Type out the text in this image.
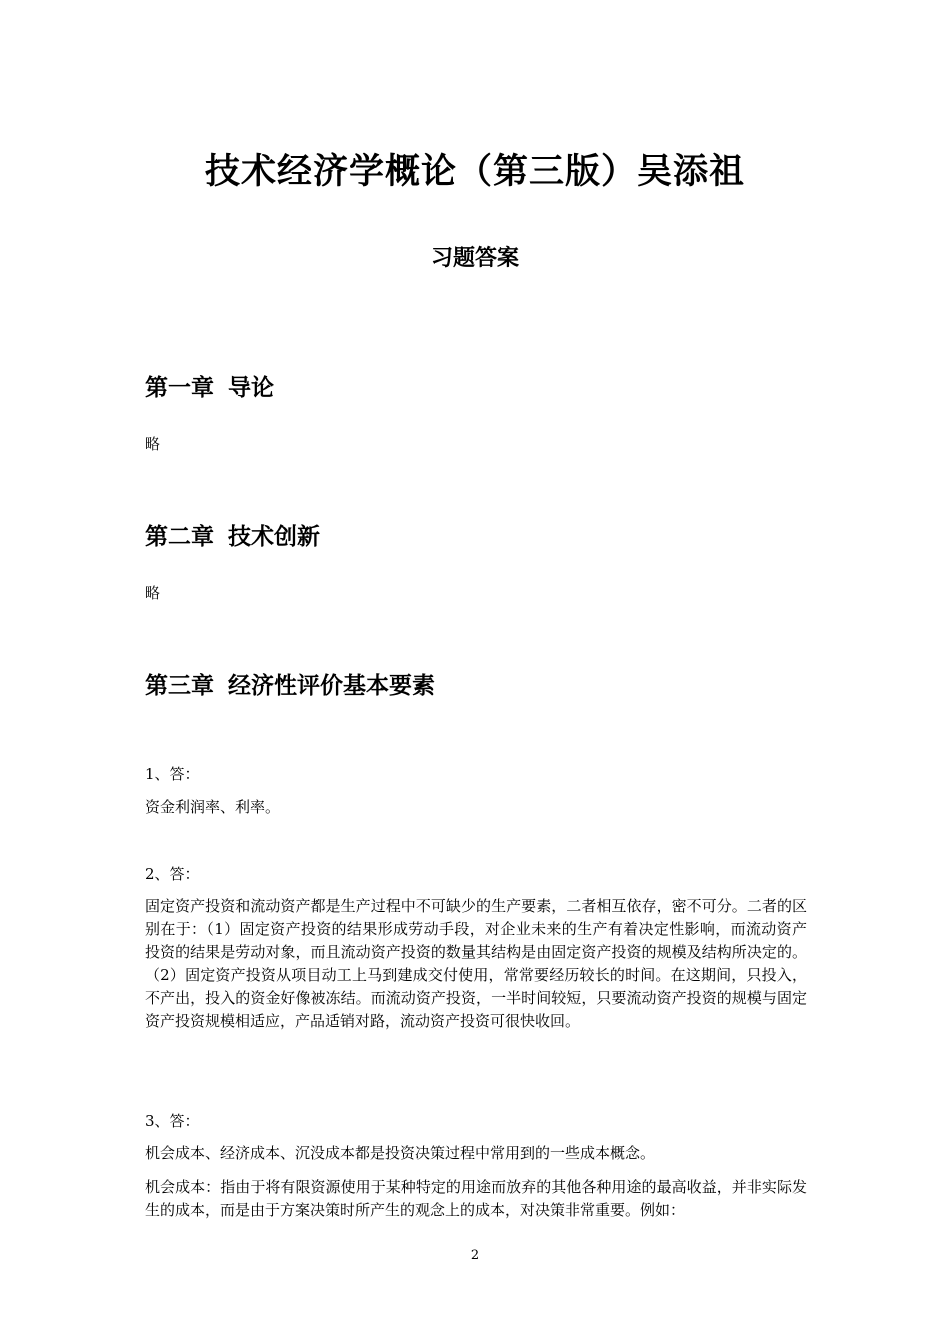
技术经济学概论（第三版）吴添祖
习题答案
第一章 导论
略
第二章 技术创新
略
第三章 经济性评价基本要素
1、答：
资金利润率、利率。
2、答：
固定资产投资和流动资产都是生产过程中不可缺少的生产要素，二者相互依存，密不可分。二者的区别在于：（1）固定资产投资的结果形成劳动手段，对企业未来的生产有着决定性影响，而流动资产投资的结果是劳动对象，而且流动资产投资的数量其结构是由固定资产投资的规模及结构所决定的。（2）固定资产投资从项目动工上马到建成交付使用，常常要经历较长的时间。在这期间，只投入，不产出，投入的资金好像被冻结。而流动资产投资，一半时间较短，只要流动资产投资的规模与固定资产投资规模相适应，产品适销对路，流动资产投资可很快收回。
3、答：
机会成本、经济成本、沉没成本都是投资决策过程中常用到的一些成本概念。
机会成本：指由于将有限资源使用于某种特定的用途而放弃的其他各种用途的最高收益，并非实际发生的成本，而是由于方案决策时所产生的观念上的成本，对决策非常重要。例如：
2
